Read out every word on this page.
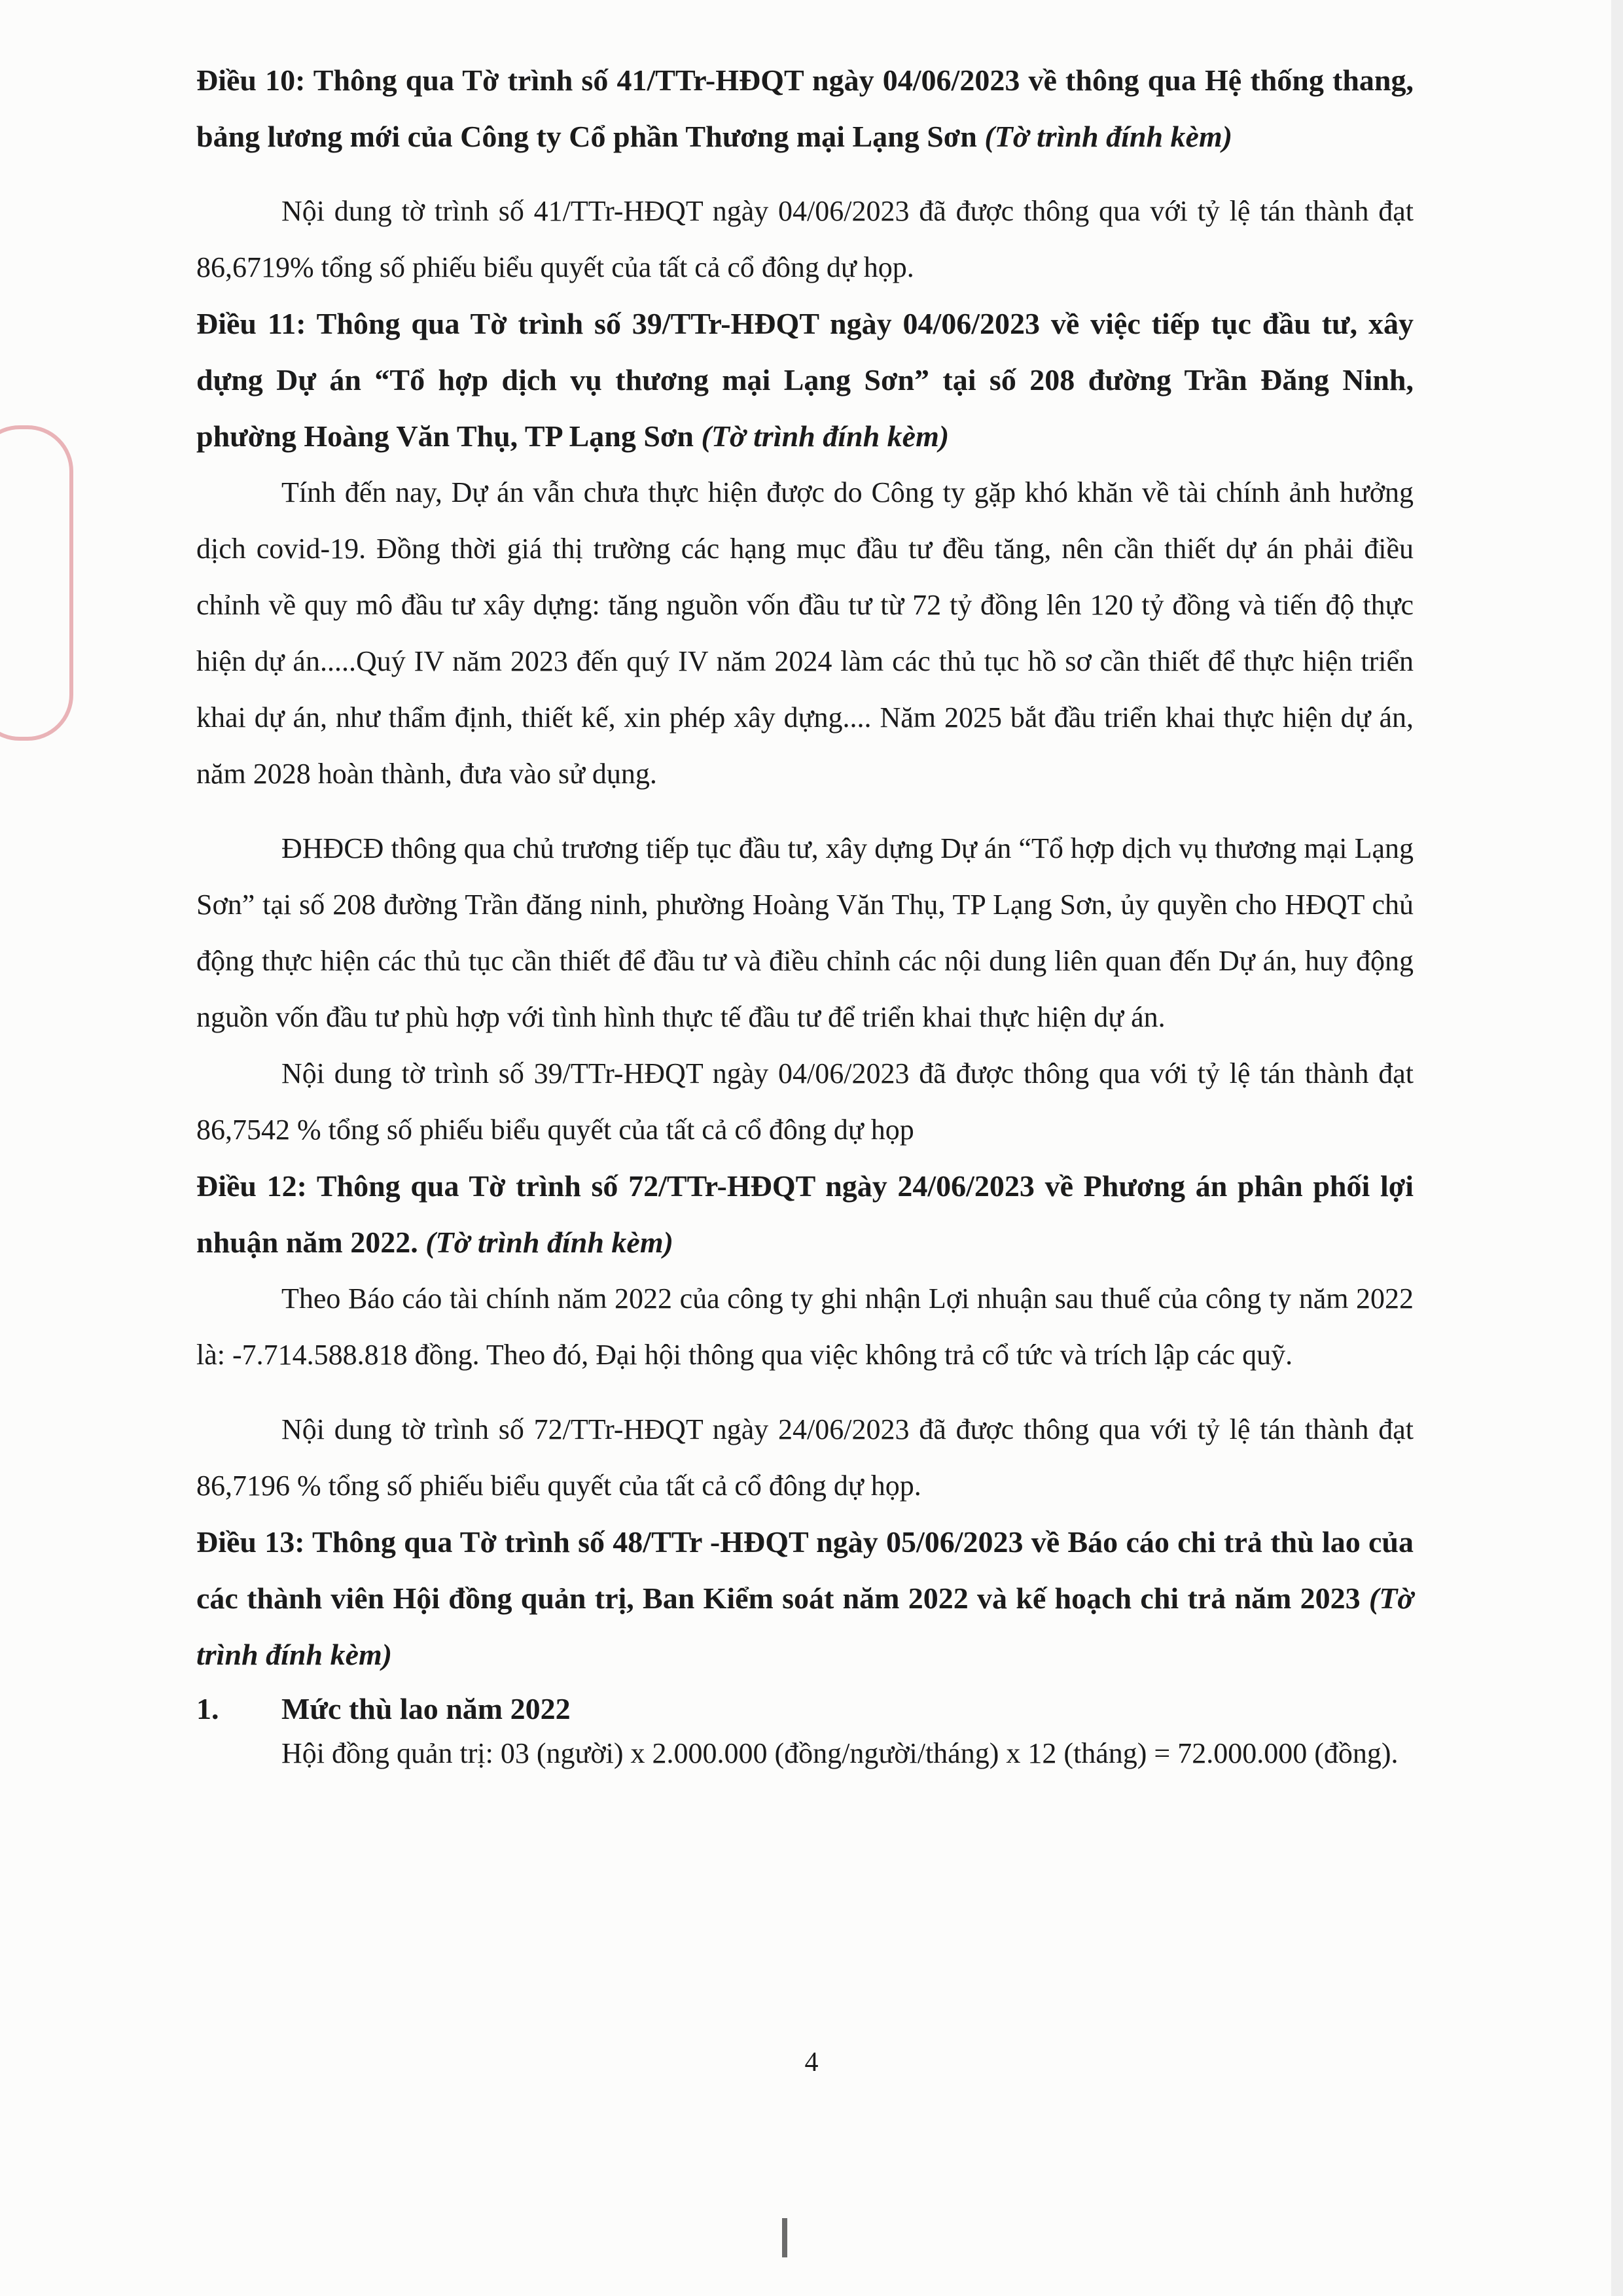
Điều 10: Thông qua Tờ trình số 41/TTr-HĐQT ngày 04/06/2023 về thông qua Hệ thống thang, bảng lương mới của Công ty Cổ phần Thương mại Lạng Sơn (Tờ trình đính kèm)

Nội dung tờ trình số 41/TTr-HĐQT ngày 04/06/2023 đã được thông qua với tỷ lệ tán thành đạt 86,6719% tổng số phiếu biểu quyết của tất cả cổ đông dự họp.

Điều 11: Thông qua Tờ trình số 39/TTr-HĐQT ngày 04/06/2023 về việc tiếp tục đầu tư, xây dựng Dự án “Tổ hợp dịch vụ thương mại Lạng Sơn” tại số 208 đường Trần Đăng Ninh, phường Hoàng Văn Thụ, TP Lạng Sơn (Tờ trình đính kèm)

Tính đến nay, Dự án vẫn chưa thực hiện được do Công ty gặp khó khăn về tài chính ảnh hưởng dịch covid-19. Đồng thời giá thị trường các hạng mục đầu tư đều tăng, nên cần thiết dự án phải điều chỉnh về quy mô đầu tư xây dựng: tăng nguồn vốn đầu tư từ 72 tỷ đồng lên 120 tỷ đồng và tiến độ thực hiện dự án.....Quý IV năm 2023 đến quý IV năm 2024 làm các thủ tục hồ sơ cần thiết để thực hiện triển khai dự án, như thẩm định, thiết kế, xin phép xây dựng.... Năm 2025 bắt đầu triển khai thực hiện dự án, năm 2028 hoàn thành, đưa vào sử dụng.

ĐHĐCĐ thông qua chủ trương tiếp tục đầu tư, xây dựng Dự án “Tổ hợp dịch vụ thương mại Lạng Sơn” tại số 208 đường Trần đăng ninh, phường Hoàng Văn Thụ, TP Lạng Sơn, ủy quyền cho HĐQT chủ động thực hiện các thủ tục cần thiết để đầu tư và điều chỉnh các nội dung liên quan đến Dự án, huy động nguồn vốn đầu tư phù hợp với tình hình thực tế đầu tư để triển khai thực hiện dự án.

Nội dung tờ trình số 39/TTr-HĐQT ngày 04/06/2023 đã được thông qua với tỷ lệ tán thành đạt 86,7542 % tổng số phiếu biểu quyết của tất cả cổ đông dự họp

Điều 12: Thông qua Tờ trình số 72/TTr-HĐQT ngày 24/06/2023 về Phương án phân phối lợi nhuận năm 2022. (Tờ trình đính kèm)

Theo Báo cáo tài chính năm 2022 của công ty ghi nhận Lợi nhuận sau thuế của công ty năm 2022 là: -7.714.588.818 đồng. Theo đó, Đại hội thông qua việc không trả cổ tức và trích lập các quỹ.

Nội dung tờ trình số 72/TTr-HĐQT ngày 24/06/2023 đã được thông qua với tỷ lệ tán thành đạt 86,7196 % tổng số phiếu biểu quyết của tất cả cổ đông dự họp.

Điều 13: Thông qua Tờ trình số 48/TTr -HĐQT ngày 05/06/2023 về Báo cáo chi trả thù lao của các thành viên Hội đồng quản trị, Ban Kiểm soát năm 2022 và kế hoạch chi trả năm 2023 (Tờ trình đính kèm)

1.	Mức thù lao năm 2022

Hội đồng quản trị: 03 (người) x 2.000.000 (đồng/người/tháng) x 12 (tháng) = 72.000.000 (đồng).

4
